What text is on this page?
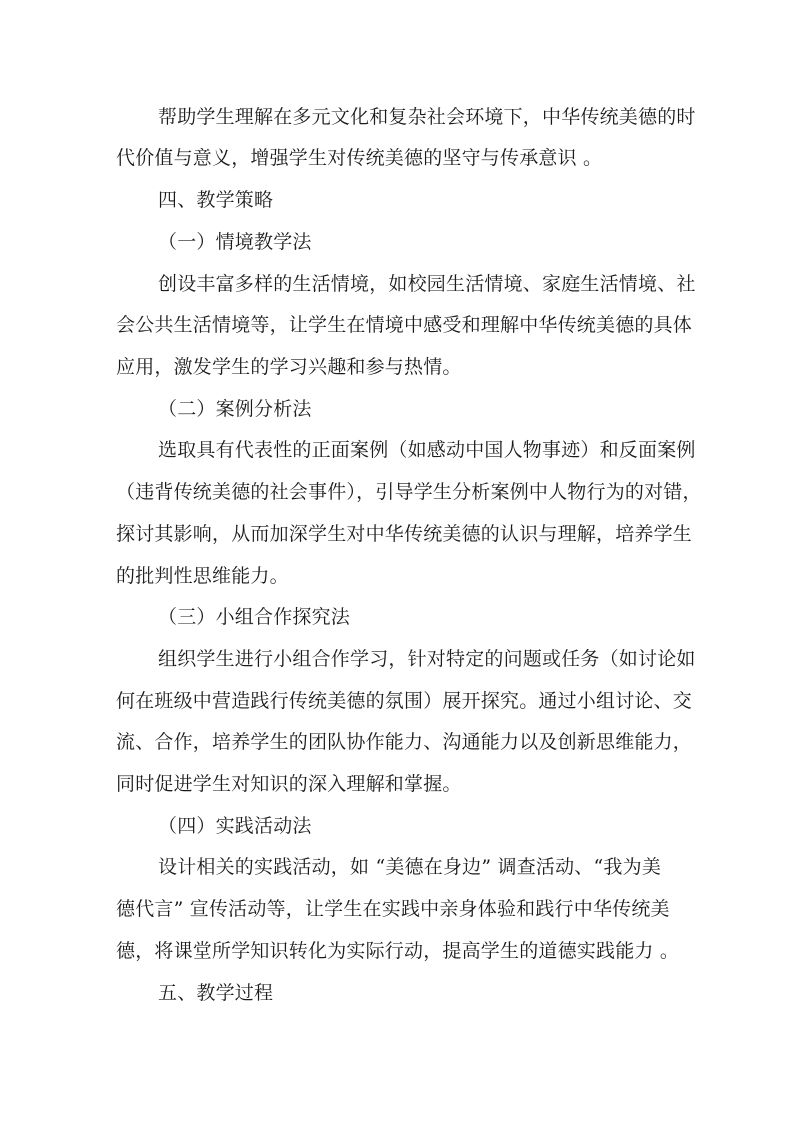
帮助学生理解在多元文化和复杂社会环境下，中华传统美德的时
代价值与意义，增强学生对传统美德的坚守与传承意识 。
四、教学策略
（一）情境教学法
创设丰富多样的生活情境，如校园生活情境、家庭生活情境、社
会公共生活情境等，让学生在情境中感受和理解中华传统美德的具体
应用，激发学生的学习兴趣和参与热情。
（二）案例分析法
选取具有代表性的正面案例（如感动中国人物事迹）和反面案例
（违背传统美德的社会事件），引导学生分析案例中人物行为的对错，
探讨其影响，从而加深学生对中华传统美德的认识与理解，培养学生
的批判性思维能力。
（三）小组合作探究法
组织学生进行小组合作学习，针对特定的问题或任务（如讨论如
何在班级中营造践行传统美德的氛围）展开探究。通过小组讨论、交
流、合作，培养学生的团队协作能力、沟通能力以及创新思维能力，
同时促进学生对知识的深入理解和掌握。
（四）实践活动法
设计相关的实践活动，如 “美德在身边” 调查活动、“我为美
德代言” 宣传活动等，让学生在实践中亲身体验和践行中华传统美
德，将课堂所学知识转化为实际行动，提高学生的道德实践能力 。
五、教学过程
